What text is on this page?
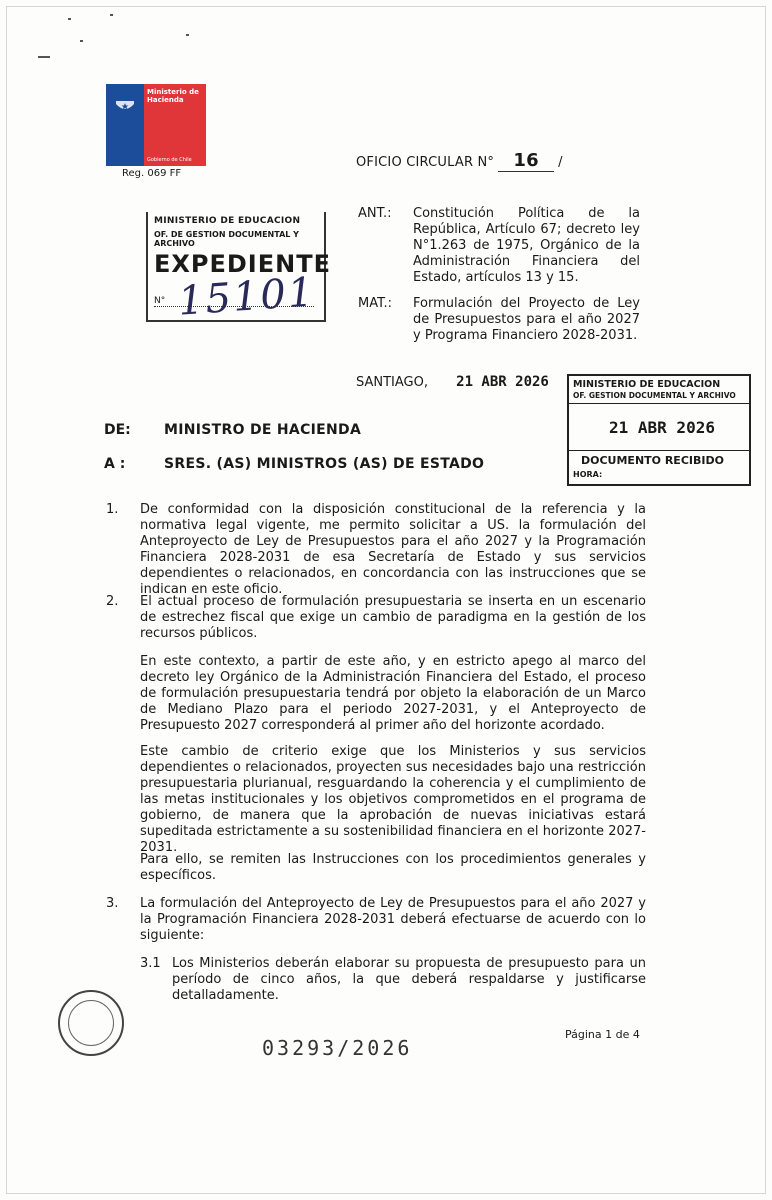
Ministerio de Hacienda
Gobierno de Chile
Reg. 069 FF
OFICIO CIRCULAR N° 16 /
MINISTERIO DE EDUCACION
OF. DE GESTION DOCUMENTAL Y ARCHIVO
EXPEDIENTE
N° 15101
ANT.: Constitución Política de la República, Artículo 67; decreto ley N°1.263 de 1975, Orgánico de la Administración Financiera del Estado, artículos 13 y 15.
MAT.: Formulación del Proyecto de Ley de Presupuestos para el año 2027 y Programa Financiero 2028-2031.
SANTIAGO, 21 ABR 2026	MINISTERIO DE EDUCACION
OF. GESTION DOCUMENTAL Y ARCHIVO
21 ABR 2026
DOCUMENTO RECIBIDO
HORA:
DE: MINISTRO DE HACIENDA
A :	SRES. (AS) MINISTROS (AS) DE ESTADO
1. De conformidad con la disposición constitucional de la referencia y la normativa legal vigente, me permito solicitar a US. la formulación del Anteproyecto de Ley de Presupuestos para el año 2027 y la Programación Financiera 2028-2031 de esa Secretaría de Estado y sus servicios dependientes o relacionados, en concordancia con las instrucciones que se indican en este oficio.
2. El actual proceso de formulación presupuestaria se inserta en un escenario de estrechez fiscal que exige un cambio de paradigma en la gestión de los recursos públicos.
En este contexto, a partir de este año, y en estricto apego al marco del decreto ley Orgánico de la Administración Financiera del Estado, el proceso de formulación presupuestaria tendrá por objeto la elaboración de un Marco de Mediano Plazo para el periodo 2027-2031, y el Anteproyecto de Presupuesto 2027 corresponderá al primer año del horizonte acordado.
Este cambio de criterio exige que los Ministerios y sus servicios dependientes o relacionados, proyecten sus necesidades bajo una restricción presupuestaria plurianual, resguardando la coherencia y el cumplimiento de las metas institucionales y los objetivos comprometidos en el programa de gobierno, de manera que la aprobación de nuevas iniciativas estará supeditada estrictamente a su sostenibilidad financiera en el horizonte 2027-2031.
Para ello, se remiten las Instrucciones con los procedimientos generales y específicos.
3. La formulación del Anteproyecto de Ley de Presupuestos para el año 2027 y la Programación Financiera 2028-2031 deberá efectuarse de acuerdo con lo siguiente:
3.1 Los Ministerios deberán elaborar su propuesta de presupuesto para un período de cinco años, la que deberá respaldarse y justificarse detalladamente.
Página 1 de 4
03293/2026
